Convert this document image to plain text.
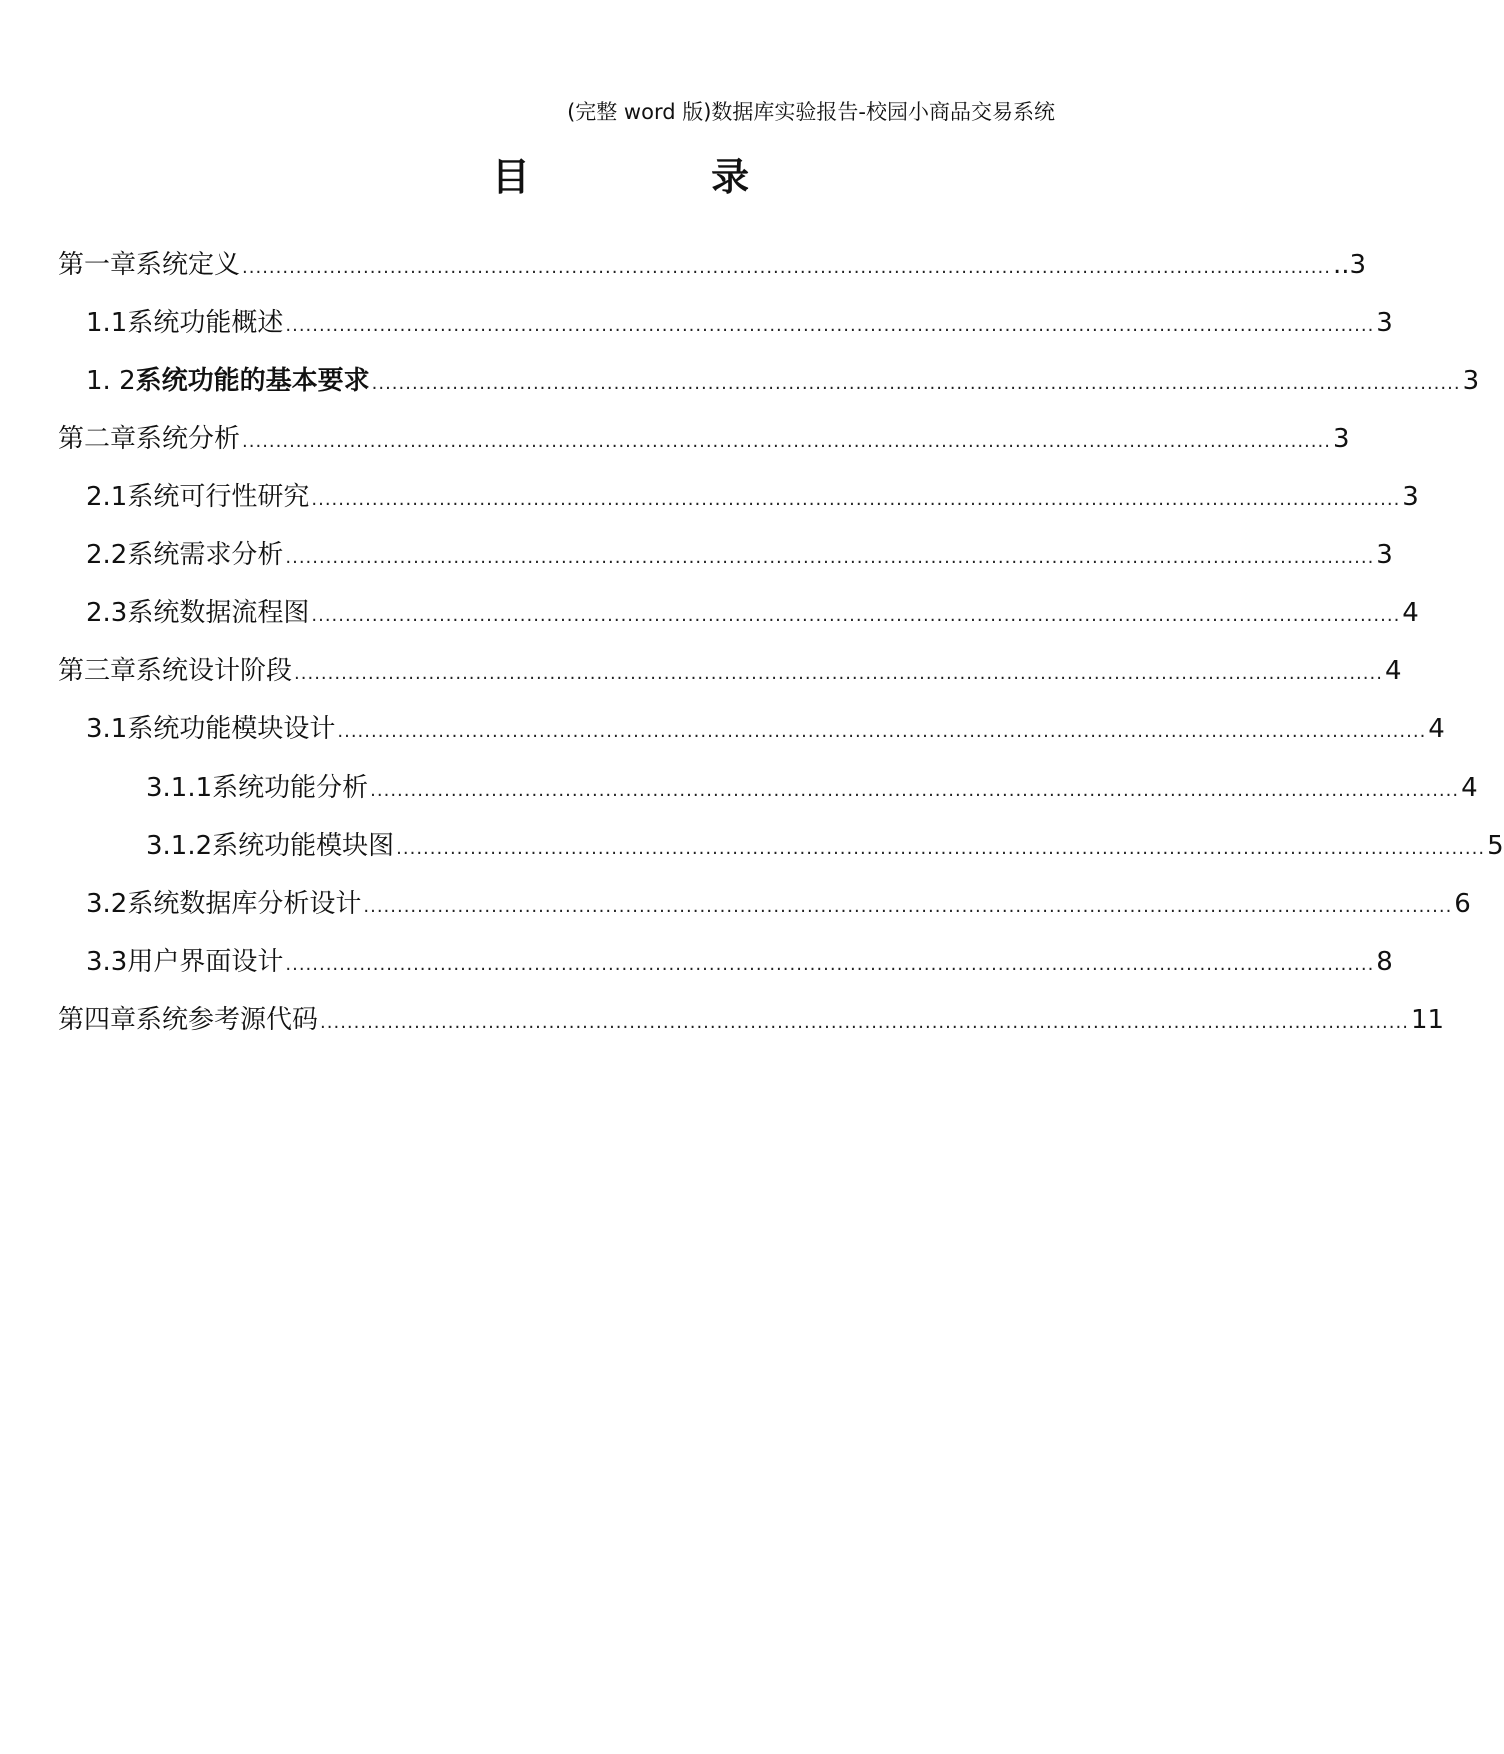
(完整 word 版)数据库实验报告-校园小商品交易系统
目 录
第一章 系统定义 .................................................................................................................................................................. ..3
1.1 系统功能概述 .................................................................................................................................................................. 3
1. 2 系统功能的基本要求 .................................................................................................................................................................. 3
第二章 系统分析 .................................................................................................................................................................. 3
2.1 系统可行性研究 .................................................................................................................................................................. 3
2.2 系统需求分析 .................................................................................................................................................................. 3
2.3 系统数据流程图 .................................................................................................................................................................. 4
第三章 系统设计阶段 .................................................................................................................................................................. 4
3.1 系统功能模块设计 .................................................................................................................................................................. 4
3.1.1 系统功能分析 .................................................................................................................................................................. 4
3.1.2 系统功能模块图 .................................................................................................................................................................. 5
3.2 系统数据库分析设计 .................................................................................................................................................................. 6
3.3 用户界面设计 .................................................................................................................................................................. 8
第四章 系统参考源代码 .................................................................................................................................................................. 11
